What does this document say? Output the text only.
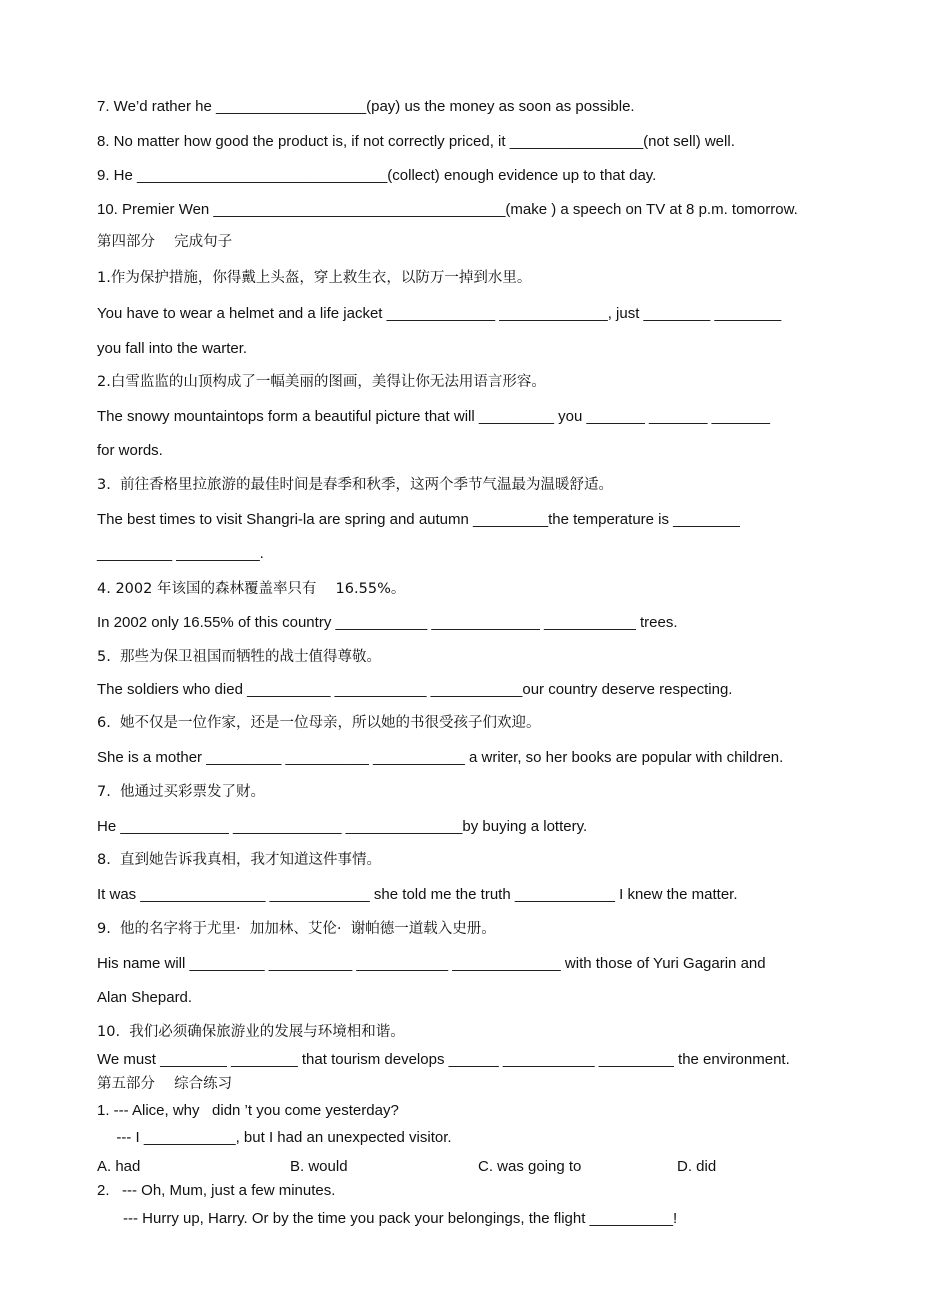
7. We’d rather he __________________(pay) us the money as soon as possible.
8. No matter how good the product is, if not correctly priced, it ________________(not sell) well.
9. He ______________________________(collect) enough evidence up to that day.
10. Premier Wen ___________________________________(make ) a speech on TV at 8 p.m. tomorrow.
第四部分　 完成句子
1.作为保护措施，你得戴上头盔，穿上救生衣，以防万一掉到水里。
You have to wear a helmet and a life jacket _____________ _____________, just ________ ________
you fall into the warter.
2.白雪监监的山顶构成了一幅美丽的图画，美得让你无法用语言形容。
The snowy mountaintops form a beautiful picture that will _________ you _______ _______ _______
for words.
3.  前往香格里拉旅游的最佳时间是春季和秋季，这两个季节气温最为温暖舒适。
The best times to visit Shangri-la are spring and autumn _________the temperature is ________
_________ __________.
4. 2002 年该国的森林覆盖率只有　 16.55%。
In 2002 only 16.55% of this country ___________ _____________ ___________ trees.
5.  那些为保卫祖国而牺牲的战士值得尊敬。
The soldiers who died __________ ___________ ___________our country deserve respecting.
6.  她不仅是一位作家，还是一位母亲，所以她的书很受孩子们欢迎。
She is a mother _________ __________ ___________ a writer, so her books are popular with children.
7.  他通过买彩票发了财。
He _____________ _____________ ______________by buying a lottery.
8.  直到她告诉我真相，我才知道这件事情。
It was _______________ ____________ she told me the truth ____________ I knew the matter.
9.  他的名字将于尤里·  加加林、艾伦·  谢帕德一道载入史册。
His name will _________ __________ ___________ _____________ with those of Yuri Gagarin and
Alan Shepard.
10.  我们必须确保旅游业的发展与环境相和谐。
We must ________ ________ that tourism develops ______ ___________ _________ the environment.
第五部分　 综合练习
1. --- Alice, why   didn ’t you come yesterday?
--- I ___________, but I had an unexpected visitor.
A. had	B. would	C. was going to	D. did
2.   --- Oh, Mum, just a few minutes.
--- Hurry up, Harry. Or by the time you pack your belongings, the flight __________!
